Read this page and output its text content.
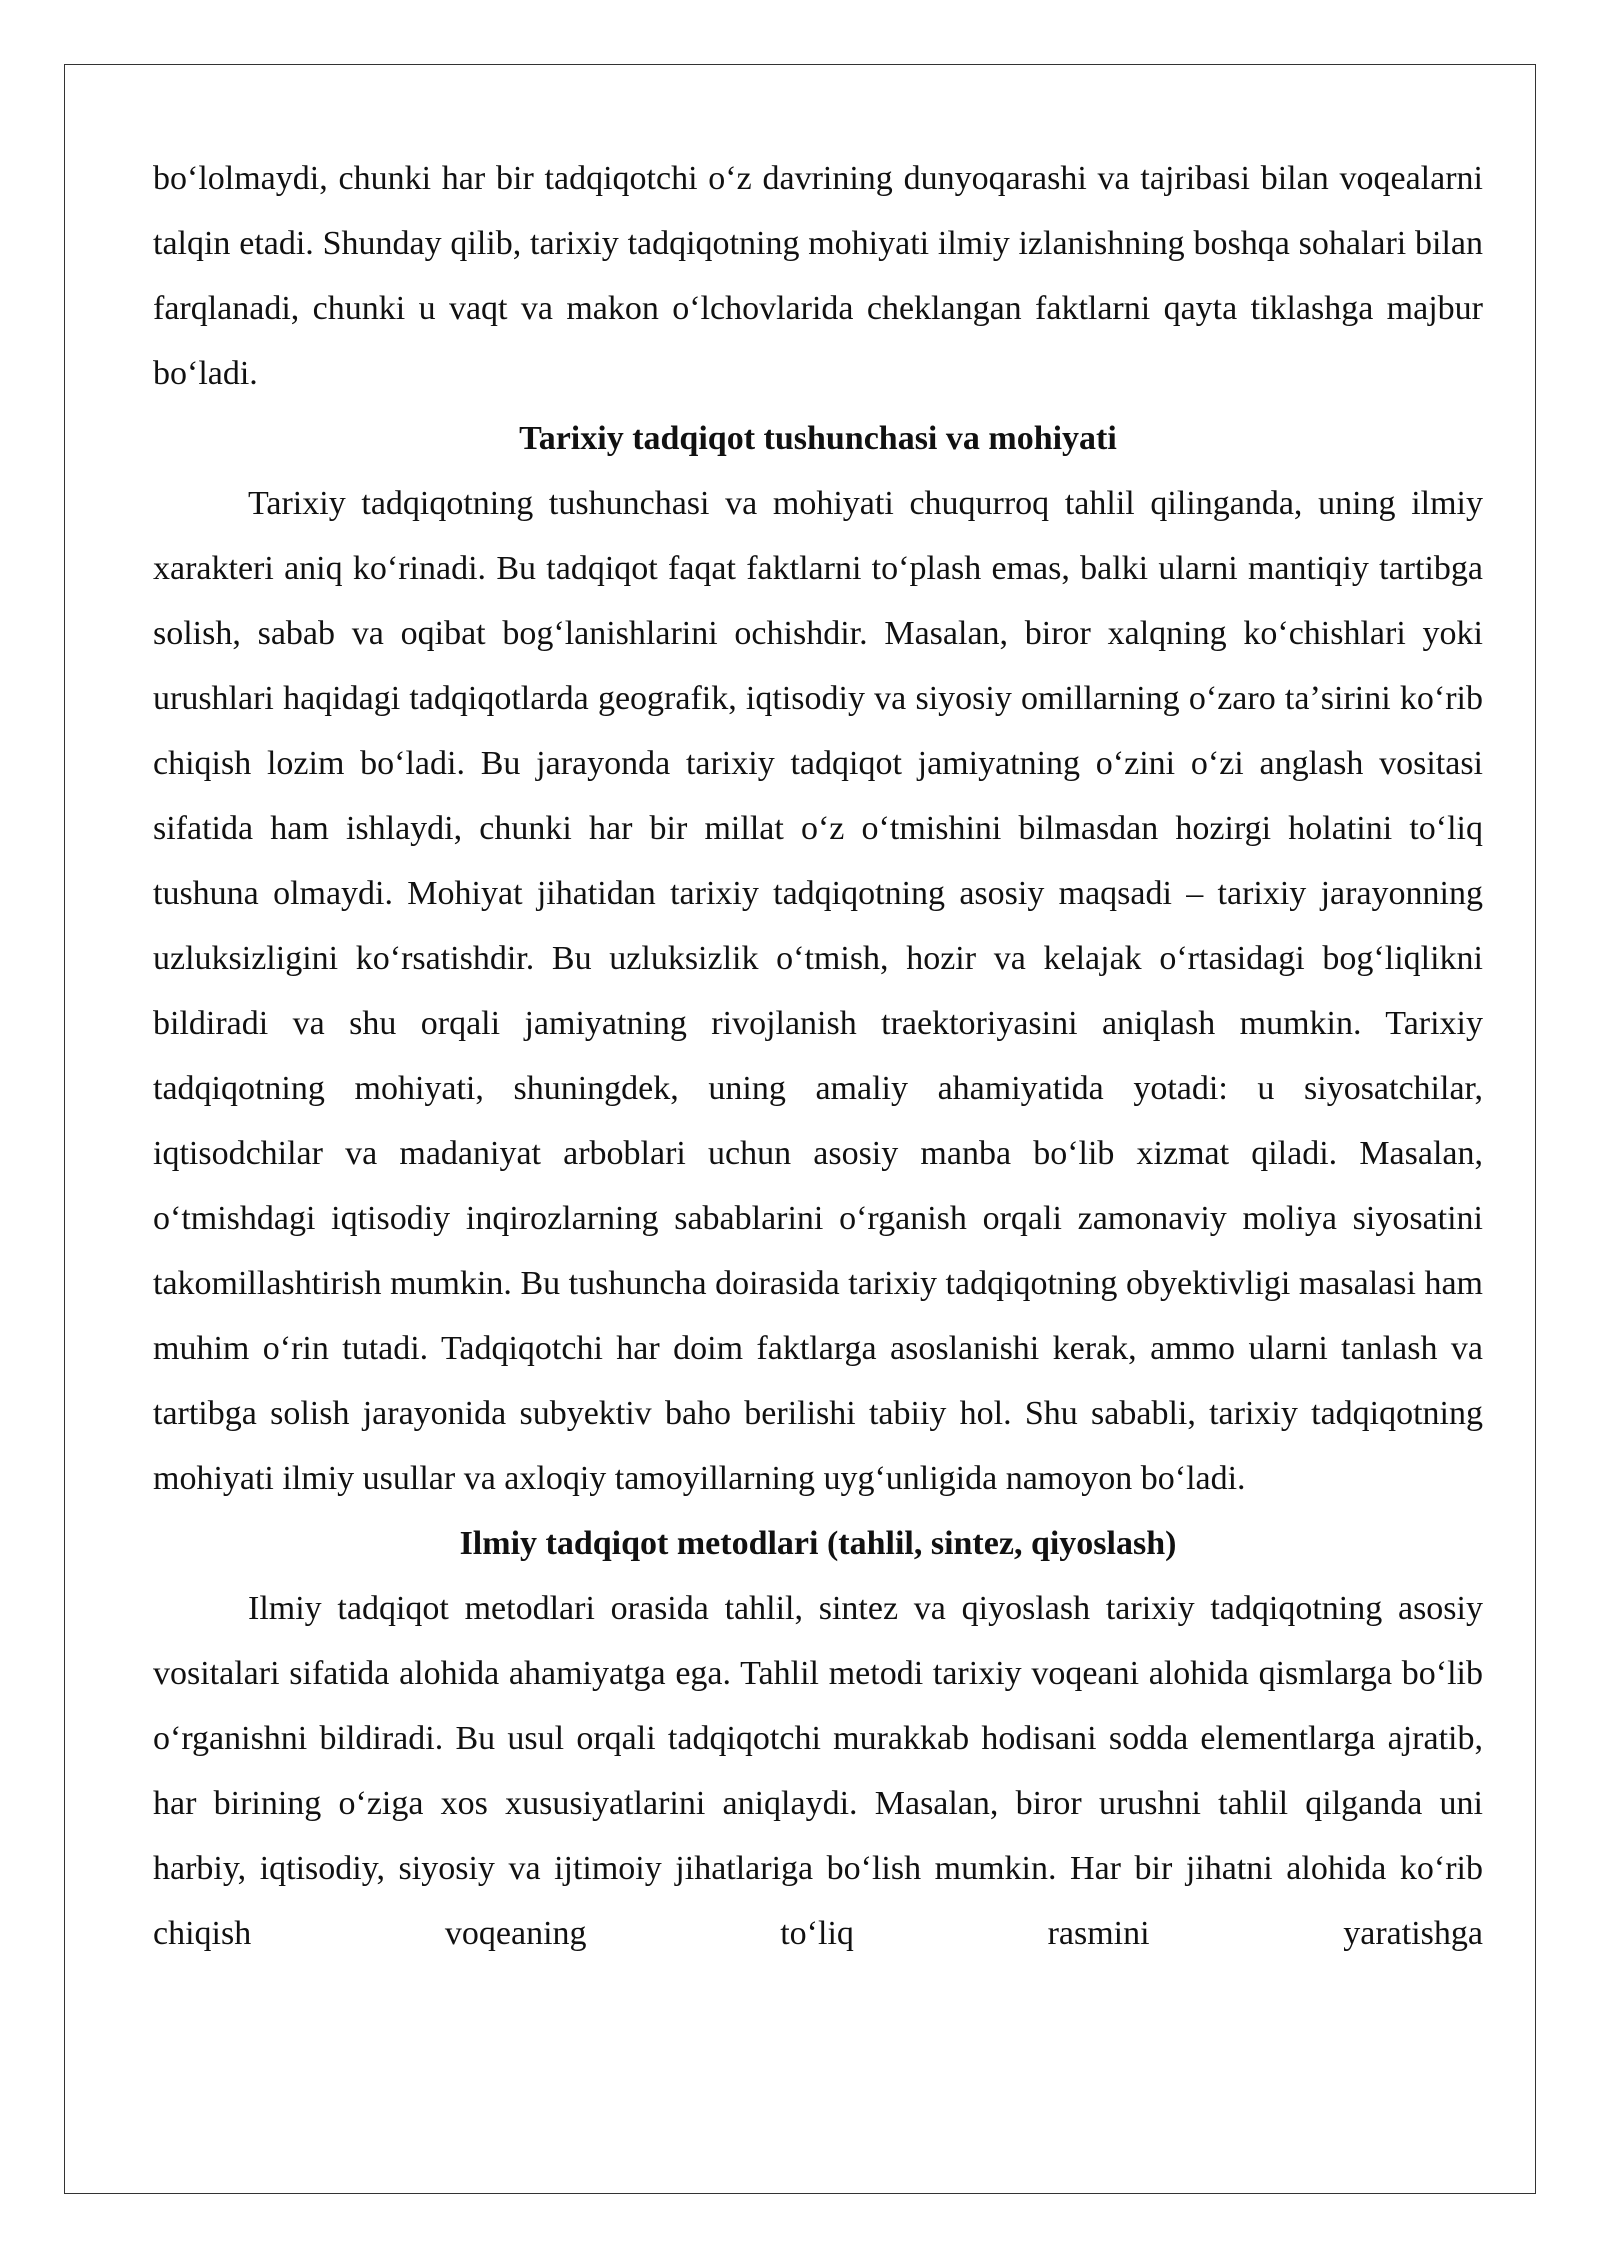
boʻlolmaydi, chunki har bir tadqiqotchi oʻz davrining dunyoqarashi va tajribasi bilan voqealarni talqin etadi. Shunday qilib, tarixiy tadqiqotning mohiyati ilmiy izlanishning boshqa sohalari bilan farqlanadi, chunki u vaqt va makon oʻlchovlarida cheklangan faktlarni qayta tiklashga majbur boʻladi.

Tarixiy tadqiqot tushunchasi va mohiyati

Tarixiy tadqiqotning tushunchasi va mohiyati chuqurroq tahlil qilinganda, uning ilmiy xarakteri aniq koʻrinadi. Bu tadqiqot faqat faktlarni toʻplash emas, balki ularni mantiqiy tartibga solish, sabab va oqibat bogʻlanishlarini ochishdir. Masalan, biror xalqning koʻchishlari yoki urushlari haqidagi tadqiqotlarda geografik, iqtisodiy va siyosiy omillarning oʻzaro taʼsirini koʻrib chiqish lozim boʻladi. Bu jarayonda tarixiy tadqiqot jamiyatning oʻzini oʻzi anglash vositasi sifatida ham ishlaydi, chunki har bir millat oʻz oʻtmishini bilmasdan hozirgi holatini toʻliq tushuna olmaydi. Mohiyat jihatidan tarixiy tadqiqotning asosiy maqsadi – tarixiy jarayonning uzluksizligini koʻrsatishdir. Bu uzluksizlik oʻtmish, hozir va kelajak oʻrtasidagi bogʻliqlikni bildiradi va shu orqali jamiyatning rivojlanish traektoriyasini aniqlash mumkin. Tarixiy tadqiqotning mohiyati, shuningdek, uning amaliy ahamiyatida yotadi: u siyosatchilar, iqtisodchilar va madaniyat arboblari uchun asosiy manba boʻlib xizmat qiladi. Masalan, oʻtmishdagi iqtisodiy inqirozlarning sabablarini oʻrganish orqali zamonaviy moliya siyosatini takomillashtirish mumkin. Bu tushuncha doirasida tarixiy tadqiqotning obyektivligi masalasi ham muhim oʻrin tutadi. Tadqiqotchi har doim faktlarga asoslanishi kerak, ammo ularni tanlash va tartibga solish jarayonida subyektiv baho berilishi tabiiy hol. Shu sababli, tarixiy tadqiqotning mohiyati ilmiy usullar va axloqiy tamoyillarning uygʻunligida namoyon boʻladi.

Ilmiy tadqiqot metodlari (tahlil, sintez, qiyoslash)

Ilmiy tadqiqot metodlari orasida tahlil, sintez va qiyoslash tarixiy tadqiqotning asosiy vositalari sifatida alohida ahamiyatga ega. Tahlil metodi tarixiy voqeani alohida qismlarga boʻlib oʻrganishni bildiradi. Bu usul orqali tadqiqotchi murakkab hodisani sodda elementlarga ajratib, har birining oʻziga xos xususiyatlarini aniqlaydi. Masalan, biror urushni tahlil qilganda uni harbiy, iqtisodiy, siyosiy va ijtimoiy jihatlariga boʻlish mumkin. Har bir jihatni alohida koʻrib chiqish voqeaning toʻliq rasmini yaratishga
